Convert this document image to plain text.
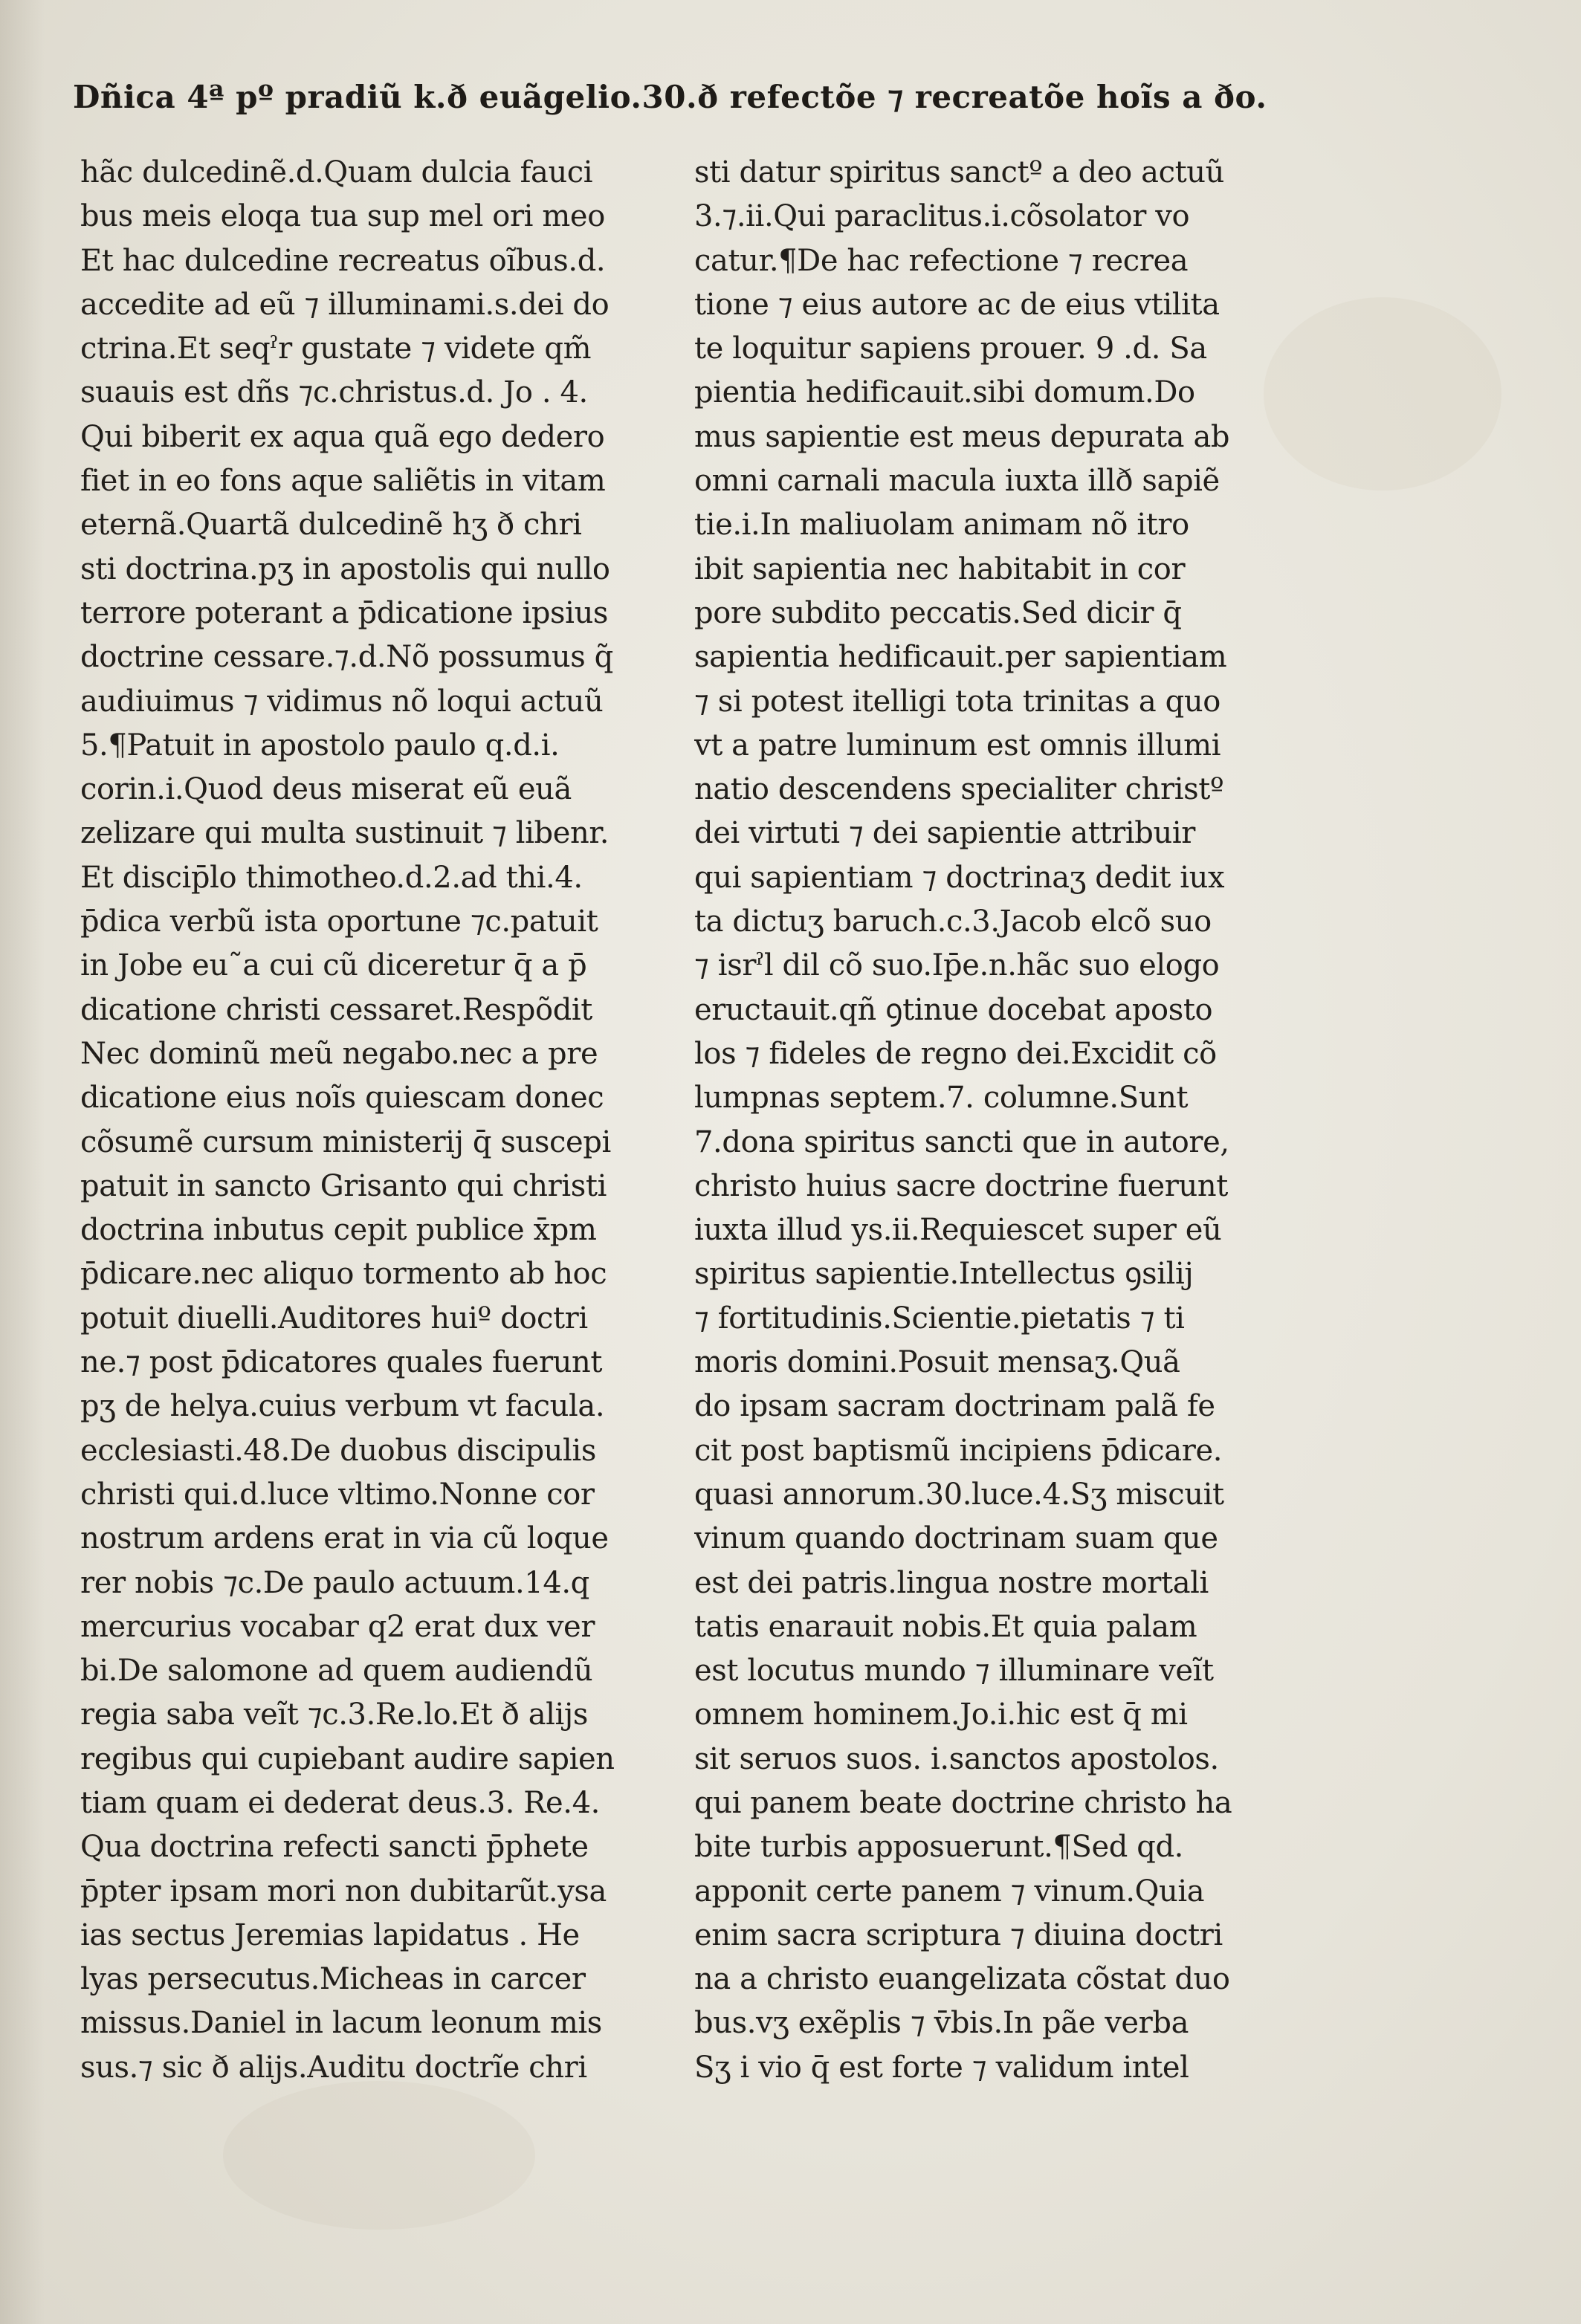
Dñica 4ª pº pradiũ k.ð euãgelio.30.ð refectõe ⁊ recreatõe hoĩs a ðo.
hãc dulcedinẽ.d.Quam dulcia fauci
bus meis eloqa tua sup mel ori meo
Et hac dulcedine recreatus oĩbus.d.
accedite ad eũ ⁊ illuminami.s.dei do
ctrina.Et seqˀr gustate ⁊ videte qm̃
suauis est dñs ⁊c.christus.d. Jo . 4.
Qui biberit ex aqua quã ego dedero
fiet in eo fons aque saliẽtis in vitam
eternã.Quartã dulcedinẽ hʒ ð chri
sti doctrina.pʒ in apostolis qui nullo
terrore poterant a p̄dicatione ipsius
doctrine cessare.⁊.d.Nõ possumus q̃
audiuimus ⁊ vidimus nõ loqui actuũ
5.¶Patuit in apostolo paulo q.d.i.
corin.i.Quod deus miserat eũ euã
zelizare qui multa sustinuit ⁊ libenr.
Et discip̄lo thimotheo.d.2.ad thi.4.
p̄dica verbũ ista oportune ⁊c.patuit
in Jobe eu˜a cui cũ diceretur q̄ a p̄
dicatione christi cessaret.Respõdit
Nec dominũ meũ negabo.nec a pre
dicatione eius noĩs quiescam donec
cõsumẽ cursum ministerij q̄ suscepi
patuit in sancto Grisanto qui christi
doctrina inbutus cepit publice x̄pm
p̄dicare.nec aliquo tormento ab hoc
potuit diuelli.Auditores huiº doctri
ne.⁊ post p̄dicatores quales fuerunt
pʒ de helya.cuius verbum vt facula.
ecclesiasti.48.De duobus discipulis
christi qui.d.luce vltimo.Nonne cor
nostrum ardens erat in via cũ loque
rer nobis ⁊c.De paulo actuum.14.q
mercurius vocabar q2 erat dux ver
bi.De salomone ad quem audiendũ
regia saba veĩt ⁊c.3.Re.lo.Et ð alijs
regibus qui cupiebant audire sapien
tiam quam ei dederat deus.3. Re.4.
Qua doctrina refecti sancti p̄phete
p̄pter ipsam mori non dubitarũt.ysa
ias sectus Jeremias lapidatus . He
lyas persecutus.Micheas in carcer
missus.Daniel in lacum leonum mis
sus.⁊ sic ð alijs.Auditu doctrĩe chri
sti datur spiritus sanctº a deo actuũ
3.⁊.ii.Qui paraclitus.i.cõsolator vo
catur.¶De hac refectione ⁊ recrea
tione ⁊ eius autore ac de eius vtilita
te loquitur sapiens prouer. 9 .d. Sa
pientia hedificauit.sibi domum.Do
mus sapientie est meus depurata ab
omni carnali macula iuxta illð sapiẽ
tie.i.In maliuolam animam nõ itro
ibit sapientia nec habitabit in cor
pore subdito peccatis.Sed dicir q̄
sapientia hedificauit.per sapientiam
⁊ si potest itelligi tota trinitas a quo
vt a patre luminum est omnis illumi
natio descendens specialiter christº
dei virtuti ⁊ dei sapientie attribuir
qui sapientiam ⁊ doctrinaʒ dedit iux
ta dictuʒ baruch.c.3.Jacob elcõ suo
⁊ isrˀl dil cõ suo.Ip̄e.n.hãc suo elogo
eructauit.qñ ꝯtinue docebat aposto
los ⁊ fideles de regno dei.Excidit cõ
lumpnas septem.7. columne.Sunt
7.dona spiritus sancti que in autore,
christo huius sacre doctrine fuerunt
iuxta illud ys.ii.Requiescet super eũ
spiritus sapientie.Intellectus ꝯsilij
⁊ fortitudinis.Scientie.pietatis ⁊ ti
moris domini.Posuit mensaʒ.Quã
do ipsam sacram doctrinam palã fe
cit post baptismũ incipiens p̄dicare.
quasi annorum.30.luce.4.Sʒ miscuit
vinum quando doctrinam suam que
est dei patris.lingua nostre mortali
tatis enarauit nobis.Et quia palam
est locutus mundo ⁊ illuminare veĩt
omnem hominem.Jo.i.hic est q̄ mi
sit seruos suos. i.sanctos apostolos.
qui panem beate doctrine christo ha
bite turbis apposuerunt.¶Sed qd.
apponit certe panem ⁊ vinum.Quia
enim sacra scriptura ⁊ diuina doctri
na a christo euangelizata cõstat duo
bus.vʒ exẽplis ⁊ v̄bis.In pãe verba
Sʒ i vio q̄ est forte ⁊ validum intel
